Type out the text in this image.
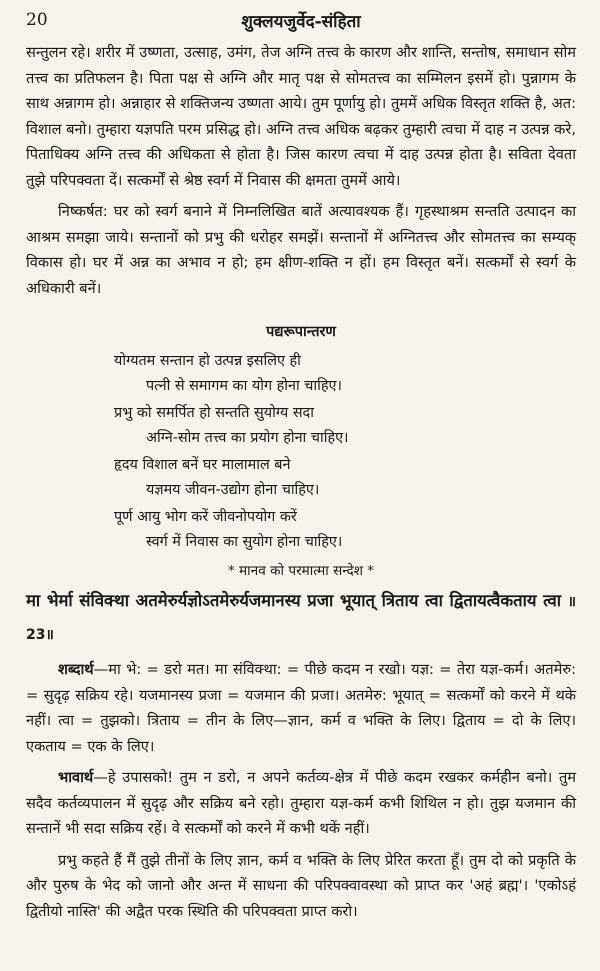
20	शुक्लयजुर्वेद-संहिता

सन्तुलन रहे। शरीर में उष्णता, उत्साह, उमंग, तेज अग्नि तत्त्व के कारण और शान्ति, सन्तोष, समाधान सोम तत्त्व का प्रतिफलन है। पिता पक्ष से अग्नि और मातृ पक्ष से सोमतत्त्व का सम्मिलन इसमें हो। पुन्नागम के साथ अन्नागम हो। अन्नाहार से शक्तिजन्य उष्णता आये। तुम पूर्णायु हो। तुममें अधिक विस्तृत शक्ति है, अत: विशाल बनो। तुम्हारा यज्ञपति परम प्रसिद्ध हो। अग्नि तत्त्व अधिक बढ़कर तुम्हारी त्वचा में दाह न उत्पन्न करे, पिताधिक्य अग्नि तत्त्व की अधिकता से होता है। जिस कारण त्वचा में दाह उत्पन्न होता है। सविता देवता तुझे परिपक्वता दें। सत्कर्मों से श्रेष्ठ स्वर्ग में निवास की क्षमता तुममें आये।

निष्कर्षत: घर को स्वर्ग बनाने में निम्नलिखित बातें अत्यावश्यक हैं। गृहस्थाश्रम सन्तति उत्पादन का आश्रम समझा जाये। सन्तानों को प्रभु की धरोहर समझें। सन्तानों में अग्नितत्त्व और सोमतत्त्व का सम्यक् विकास हो। घर में अन्न का अभाव न हो; हम क्षीण-शक्ति न हों। हम विस्तृत बनें। सत्कर्मों से स्वर्ग के अधिकारी बनें।

पद्यरूपान्तरण
योग्यतम सन्तान हो उत्पन्न इसलिए ही
पत्नी से समागम का योग होना चाहिए।
प्रभु को समर्पित हो सन्तति सुयोग्य सदा
अग्नि-सोम तत्त्व का प्रयोग होना चाहिए।
हृदय विशाल बनें घर मालामाल बने
यज्ञमय जीवन-उद्योग होना चाहिए।
पूर्ण आयु भोग करें जीवनोपयोग करें
स्वर्ग में निवास का सुयोग होना चाहिए।
* मानव को परमात्मा सन्देश *

मा भेर्मा संविक्था अतमेरुर्यज्ञोऽतमेरुर्यजमानस्य प्रजा भूयात् त्रिताय त्वा द्वितायत्वैकताय त्वा ॥23॥

शब्दार्थ—मा भे: = डरो मत। मा संविक्था: = पीछे कदम न रखो। यज्ञ: = तेरा यज्ञ-कर्म। अतमेरु: = सुदृढ़ सक्रिय रहे। यजमानस्य प्रजा = यजमान की प्रजा। अतमेरु: भूयात् = सत्कर्मों को करने में थके नहीं। त्वा = तुझको। त्रिताय = तीन के लिए—ज्ञान, कर्म व भक्ति के लिए। द्विताय = दो के लिए। एकताय = एक के लिए।

भावार्थ—हे उपासको! तुम न डरो, न अपने कर्तव्य-क्षेत्र में पीछे कदम रखकर कर्महीन बनो। तुम सदैव कर्तव्यपालन में सुदृढ़ और सक्रिय बने रहो। तुम्हारा यज्ञ-कर्म कभी शिथिल न हो। तुझ यजमान की सन्तानें भी सदा सक्रिय रहें। वे सत्कर्मों को करने में कभी थकें नहीं।

प्रभु कहते हैं मैं तुझे तीनों के लिए ज्ञान, कर्म व भक्ति के लिए प्रेरित करता हूँ। तुम दो को प्रकृति के और पुरुष के भेद को जानो और अन्त में साधना की परिपक्वावस्था को प्राप्त कर 'अहं ब्रह्म'। 'एकोऽहं द्वितीयो नास्ति' की अद्वैत परक स्थिति की परिपक्वता प्राप्त करो।
